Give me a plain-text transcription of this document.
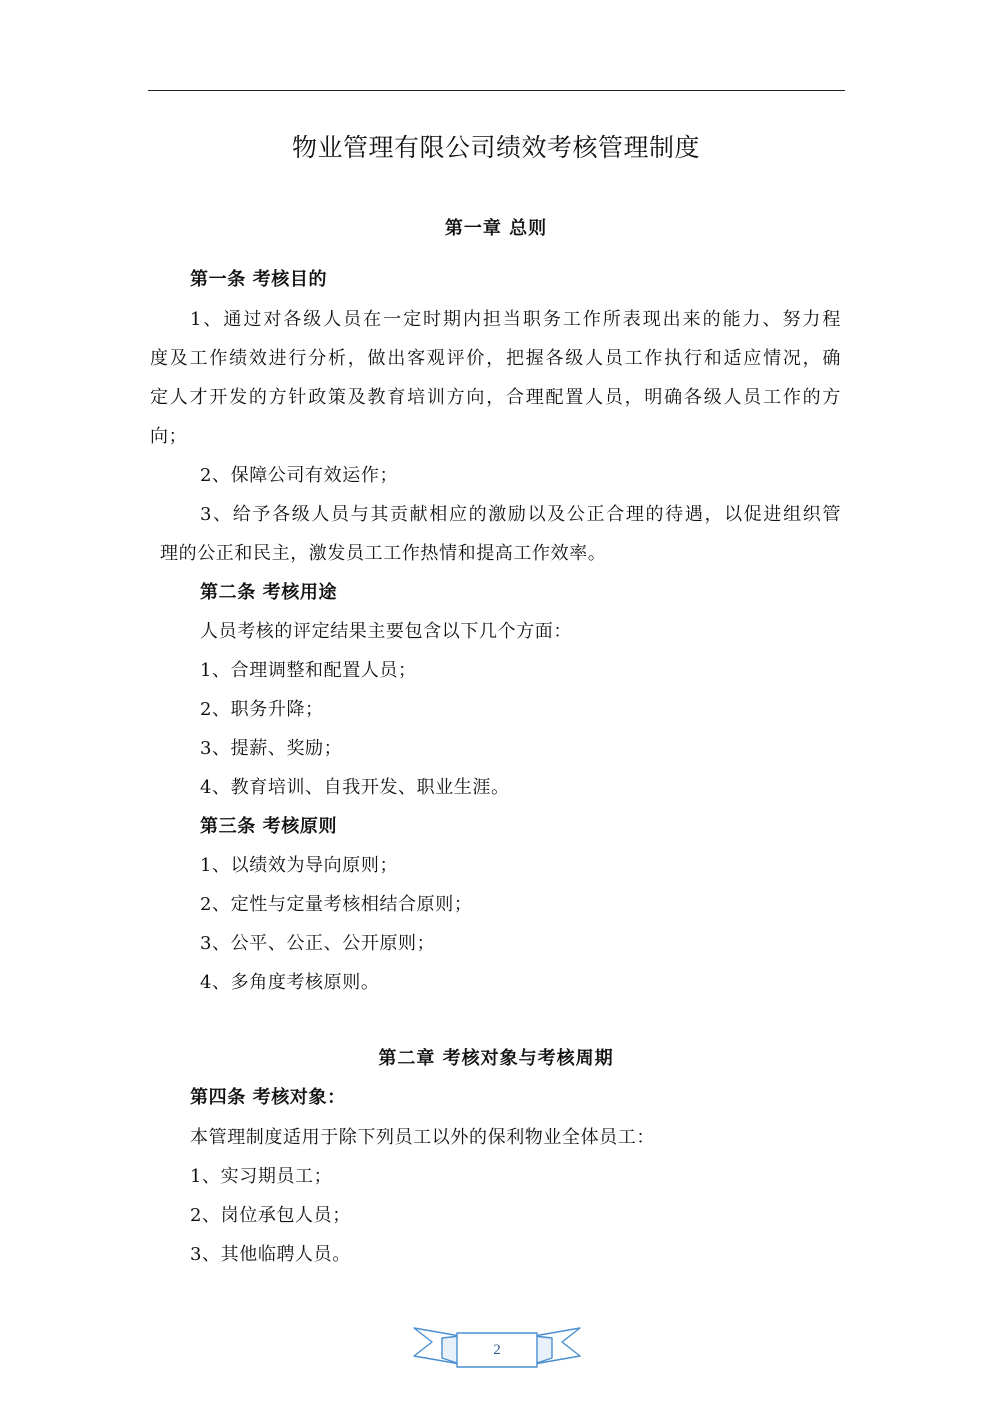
物业管理有限公司绩效考核管理制度
第一章 总则
第一条 考核目的
1、通过对各级人员在一定时期内担当职务工作所表现出来的能力、努力程
度及工作绩效进行分析，做出客观评价，把握各级人员工作执行和适应情况，确
定人才开发的方针政策及教育培训方向，合理配置人员，明确各级人员工作的方
向；
2、保障公司有效运作；
3、给予各级人员与其贡献相应的激励以及公正合理的待遇，以促进组织管
理的公正和民主，激发员工工作热情和提高工作效率。
第二条 考核用途
人员考核的评定结果主要包含以下几个方面：
1、合理调整和配置人员；
2、职务升降；
3、提薪、奖励；
4、教育培训、自我开发、职业生涯。
第三条 考核原则
1、以绩效为导向原则；
2、定性与定量考核相结合原则；
3、公平、公正、公开原则；
4、多角度考核原则。
第二章 考核对象与考核周期
第四条 考核对象：
本管理制度适用于除下列员工以外的保利物业全体员工：
1、实习期员工；
2、岗位承包人员；
3、其他临聘人员。
2
